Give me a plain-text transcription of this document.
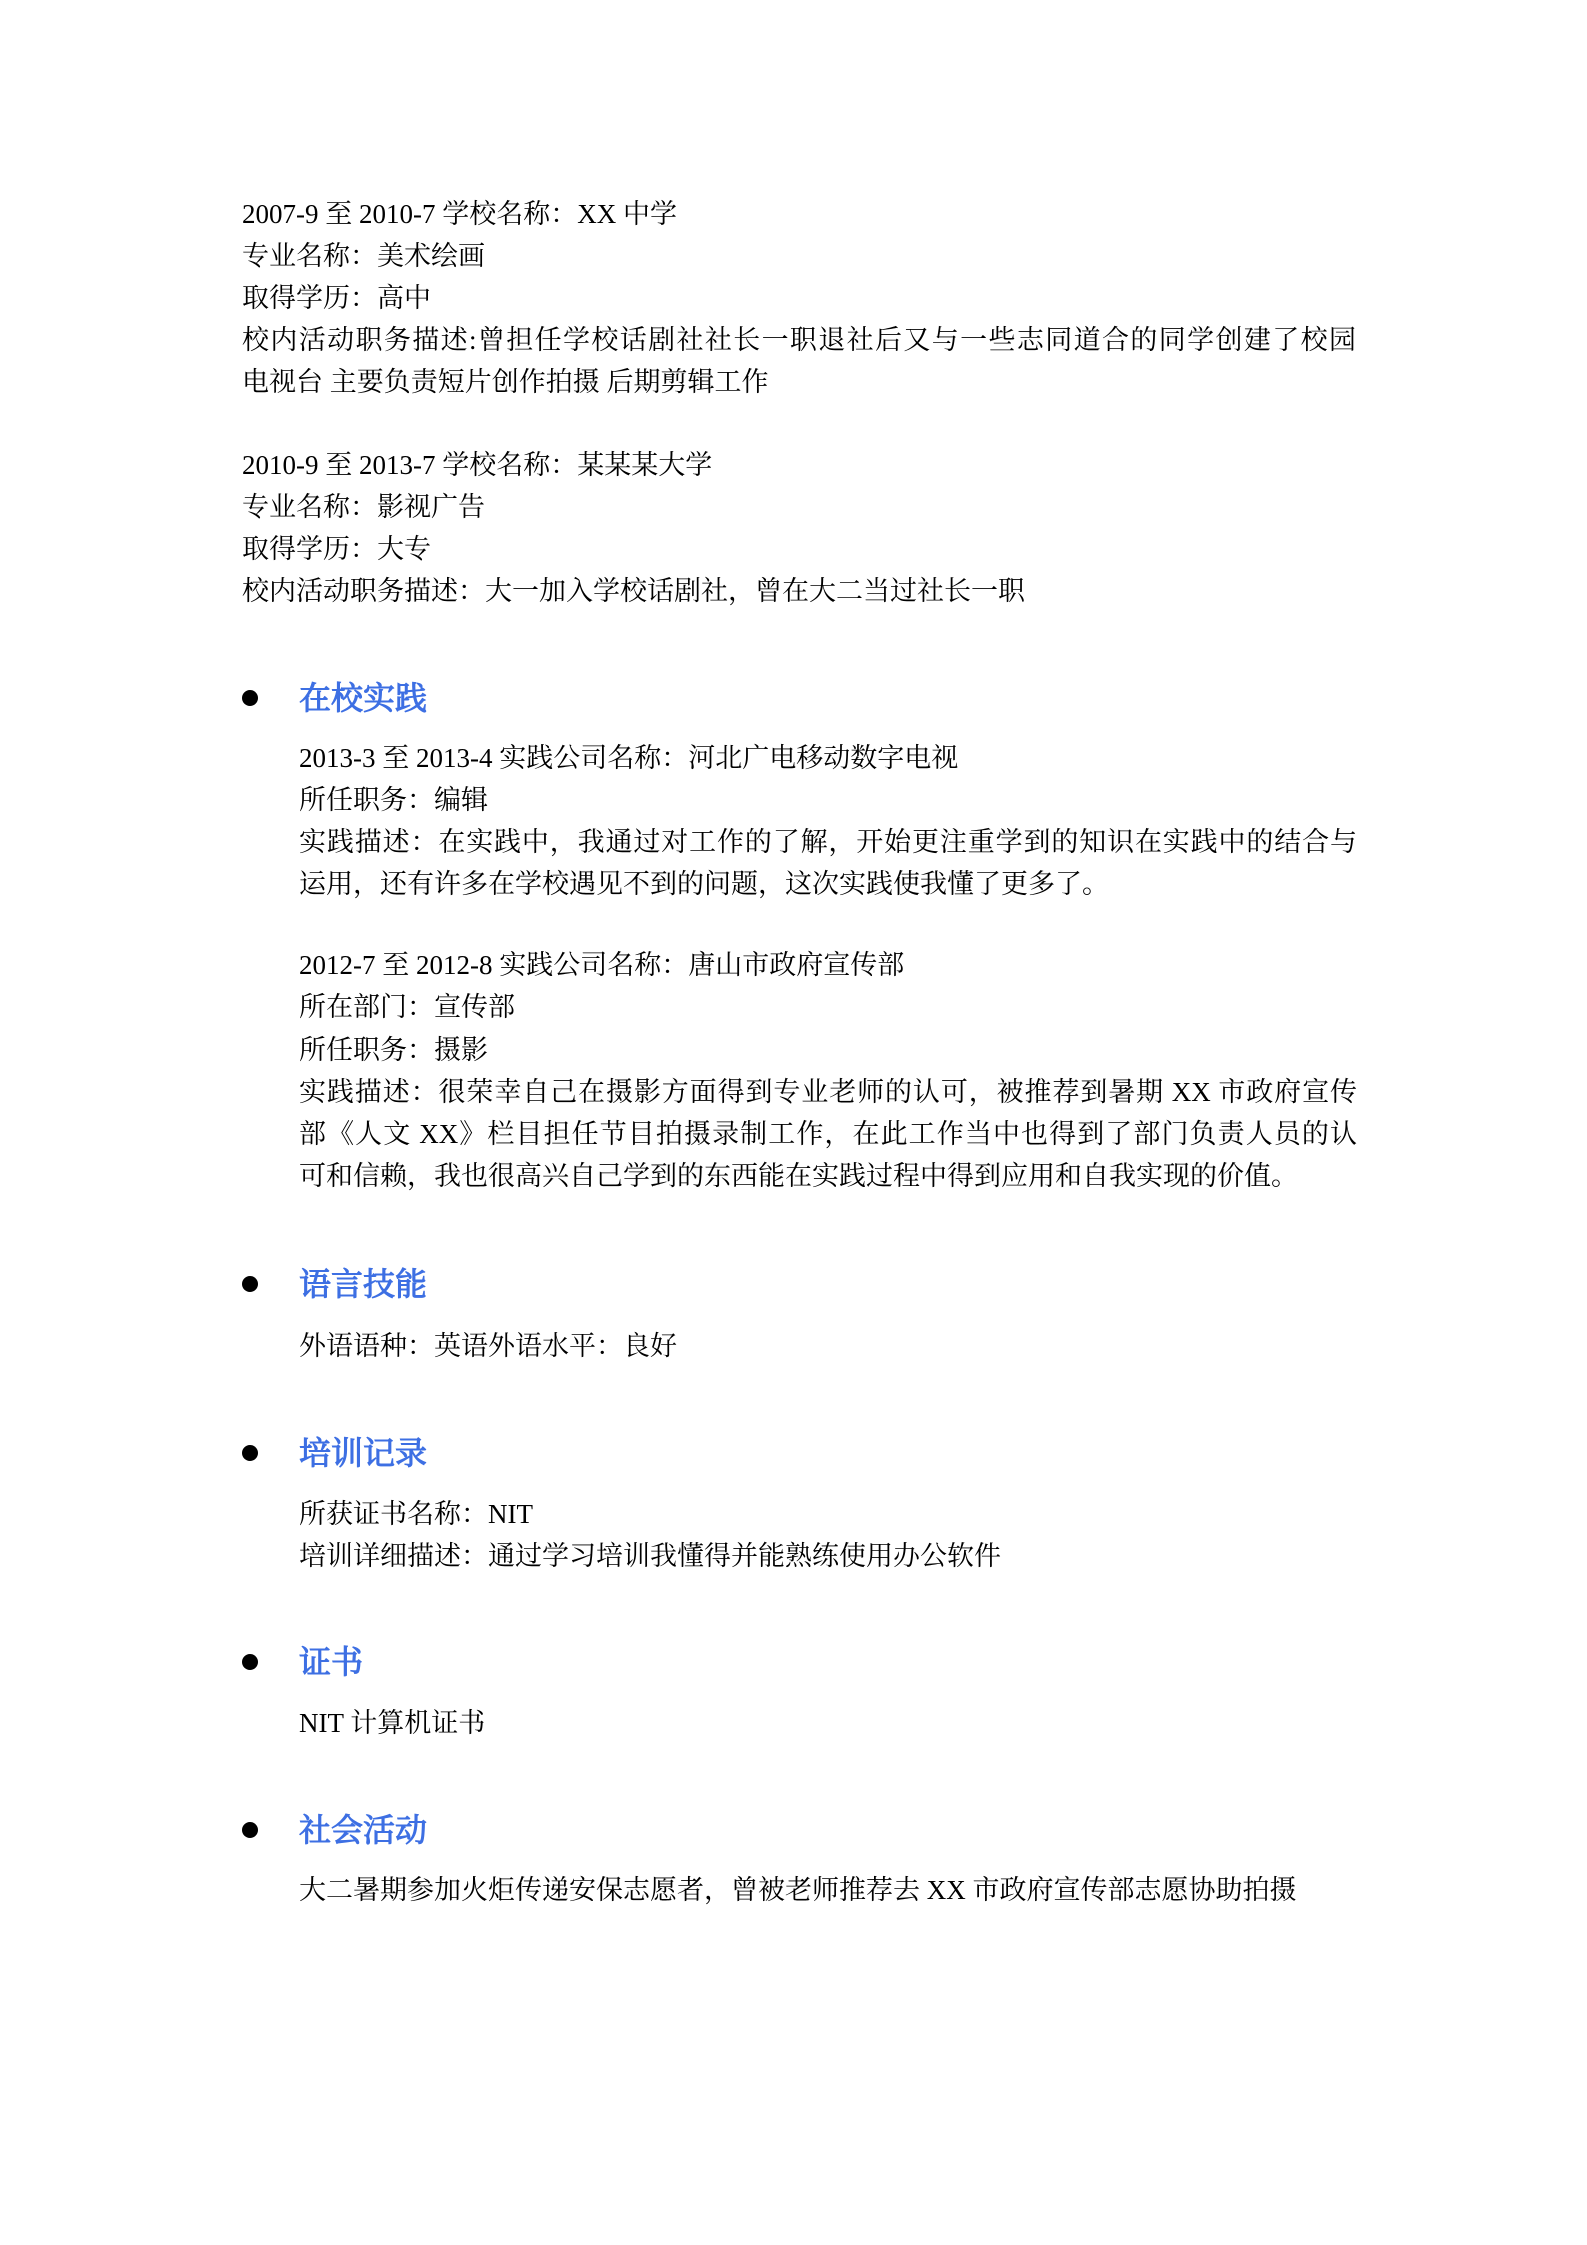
2007-9 至 2010-7 学校名称：XX 中学
专业名称：美术绘画
取得学历：高中
校内活动职务描述:曾担任学校话剧社社长一职退社后又与一些志同道合的同学创建了校园
电视台 主要负责短片创作拍摄 后期剪辑工作
2010-9 至 2013-7 学校名称：某某某大学
专业名称：影视广告
取得学历：大专
校内活动职务描述：大一加入学校话剧社，曾在大二当过社长一职
在校实践
2013-3 至 2013-4 实践公司名称：河北广电移动数字电视
所任职务：编辑
实践描述：在实践中，我通过对工作的了解，开始更注重学到的知识在实践中的结合与
运用，还有许多在学校遇见不到的问题，这次实践使我懂了更多了。
2012-7 至 2012-8 实践公司名称：唐山市政府宣传部
所在部门：宣传部
所任职务：摄影
实践描述：很荣幸自己在摄影方面得到专业老师的认可，被推荐到暑期 XX 市政府宣传
部《人文 XX》栏目担任节目拍摄录制工作，在此工作当中也得到了部门负责人员的认
可和信赖，我也很高兴自己学到的东西能在实践过程中得到应用和自我实现的价值。
语言技能
外语语种：英语外语水平：良好
培训记录
所获证书名称：NIT
培训详细描述：通过学习培训我懂得并能熟练使用办公软件
证书
NIT 计算机证书
社会活动
大二暑期参加火炬传递安保志愿者，曾被老师推荐去 XX 市政府宣传部志愿协助拍摄
